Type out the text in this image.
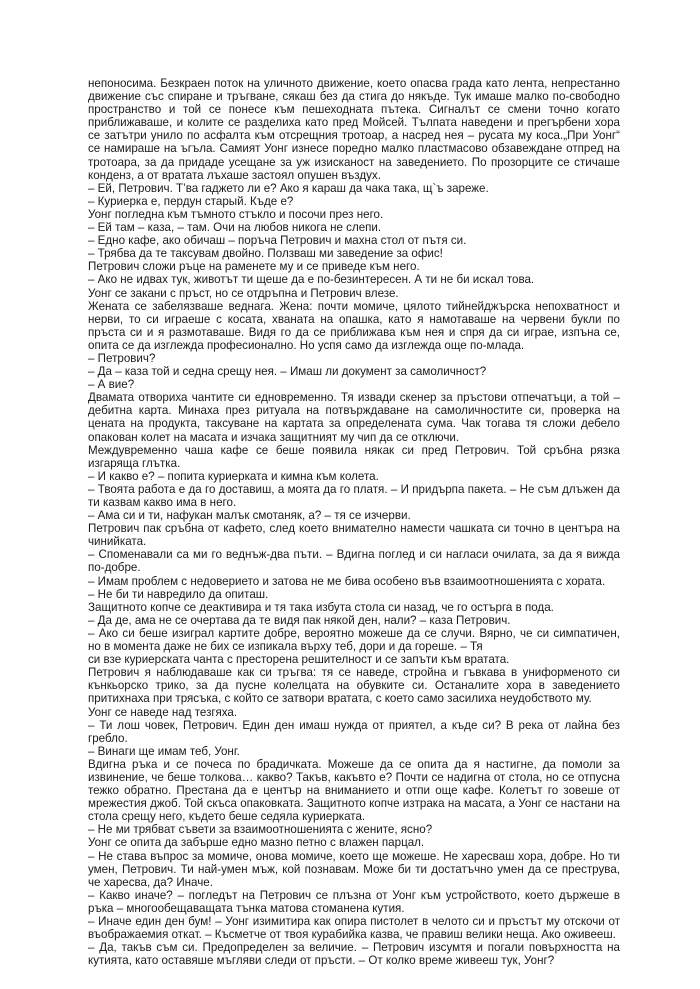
непоносима. Безкраен поток на уличното движение, което опасва града като лента, непрестанно движение със спиране и тръгване, сякаш без да стига до някъде. Тук имаше малко по-свободно пространство и той се понесе към пешеходната пътека. Сигналът се смени точно когато приближаваше, и колите се разделиха като пред Мойсей. Тълпата наведени и прегърбени хора се затътри унило по асфалта към отсрещния тротоар, а насред нея – русата му коса.„При Уонг“ се намираше на ъгъла. Самият Уонг изнесе поредно малко пластмасово обзавеждане отпред на тротоара, за да придаде усещане за уж изисканост на заведението. По прозорците се стичаше конденз, а от вратата лъхаше застоял опушен въздух.

– Ей, Петрович. Т’ва гаджето ли е? Ако я караш да чака така, щ`ъ зареже.

– Куриерка е, пердун старый. Къде е?

Уонг погледна към тъмното стъкло и посочи през него.

– Ей там – каза, – там. Очи на любов никога не слепи.

– Едно кафе, ако обичаш – поръча Петрович и махна стол от пътя си.

– Трябва да те таксувам двойно. Ползваш ми заведение за офис!

Петрович сложи ръце на раменете му и се приведе към него.

– Ако не идвах тук, животът ти щеше да е по-безинтересен. А ти не би искал това.

Уонг се закани с пръст, но се отдръпна и Петрович влезе.

Жената се забелязваше веднага. Жена: почти момиче, цялото тийнейджърска непохватност и нерви, то си играеше с косата, хваната на опашка, като я намотаваше на червени букли по пръста си и я размотаваше. Видя го да се приближава към нея и спря да си играе, изпъна се, опита се да изглежда професионално. Но успя само да изглежда още по-млада.

– Петрович?

– Да – каза той и седна срещу нея. – Имаш ли документ за самоличност?

– А вие?

Двамата отвориха чантите си едновременно. Тя извади скенер за пръстови отпечатъци, а той – дебитна карта. Минаха през ритуала на потвърждаване на самоличностите си, проверка на цената на продукта, таксуване на картата за определената сума. Чак тогава тя сложи дебело опакован колет на масата и изчака защитният му чип да се отключи.

Междувременно чаша кафе се беше появила някак си пред Петрович. Той сръбна рязка изгаряща глътка.

– И какво е? – попита куриерката и кимна към колета.

– Твоята работа е да го доставиш, а моята да го платя. – И придърпа пакета. – Не съм длъжен да ти казвам какво има в него.

– Ама си и ти, нафукан малък смотаняк, а? – тя се изчерви.

Петрович пак сръбна от кафето, след което внимателно намести чашката си точно в центъра на чинийката.

– Споменавали са ми го веднъж-два пъти. – Вдигна поглед и си нагласи очилата, за да я вижда по-добре.

– Имам проблем с недоверието и затова не ме бива особено във взаимоотношенията с хората.

– Не би ти навредило да опиташ.

Защитното копче се деактивира и тя така избута стола си назад, че го остърга в пода.

– Да де, ама не се очертава да те видя пак някой ден, нали? – каза Петрович.

– Ако си беше изиграл картите добре, вероятно можеше да се случи. Вярно, че си симпатичен, но в момента даже не бих се изпикала върху теб, дори и да гореше. – Тя

си взе куриерската чанта с престорена решителност и се запъти към вратата.

Петрович я наблюдаваше как си тръгва: тя се наведе, стройна и гъвкава в униформеното си кънкьорско трико, за да пусне колелцата на обувките си. Останалите хора в заведението притихнаха при трясъка, с който се затвори вратата, с което само засилиха неудобството му.

Уонг се наведе над тезгяха.

– Ти лош човек, Петрович. Един ден имаш нужда от приятел, а къде си? В река от лайна без гребло.

– Винаги ще имам теб, Уонг.

Вдигна ръка и се почеса по брадичката. Можеше да се опита да я настигне, да помоли за извинение, че беше толкова… какво? Такъв, какъвто е? Почти се надигна от стола, но се отпусна тежко обратно. Престана да е център на вниманието и отпи още кафе. Колетът го зовеше от мрежестия джоб. Той скъса опаковката. Защитното копче изтрака на масата, а Уонг се настани на стола срещу него, където беше седяла куриерката.

– Не ми трябват съвети за взаимоотношенията с жените, ясно?

Уонг се опита да забърше едно мазно петно с влажен парцал.

– Не става въпрос за момиче, онова момиче, което ще можеше. Не харесваш хора, добре. Но ти умен, Петрович. Ти най-умен мъж, кой познавам. Може би ти достатъчно умен да се преструва, че харесва, да? Иначе.

– Какво иначе? – погледът на Петрович се плъзна от Уонг към устройството, което държеше в ръка – многообещаващата тънка матова стоманена кутия.

– Иначе един ден бум! – Уонг изимитира как опира пистолет в челото си и пръстът му отскочи от въображаемия откат. – Късметче от твоя курабийка казва, че правиш велики неща. Ако оживееш.

– Да, такъв съм си. Предопределен за величие. – Петрович изсумтя и погали повърхността на кутията, като оставяше мъгляви следи от пръсти. – От колко време живееш тук, Уонг?
